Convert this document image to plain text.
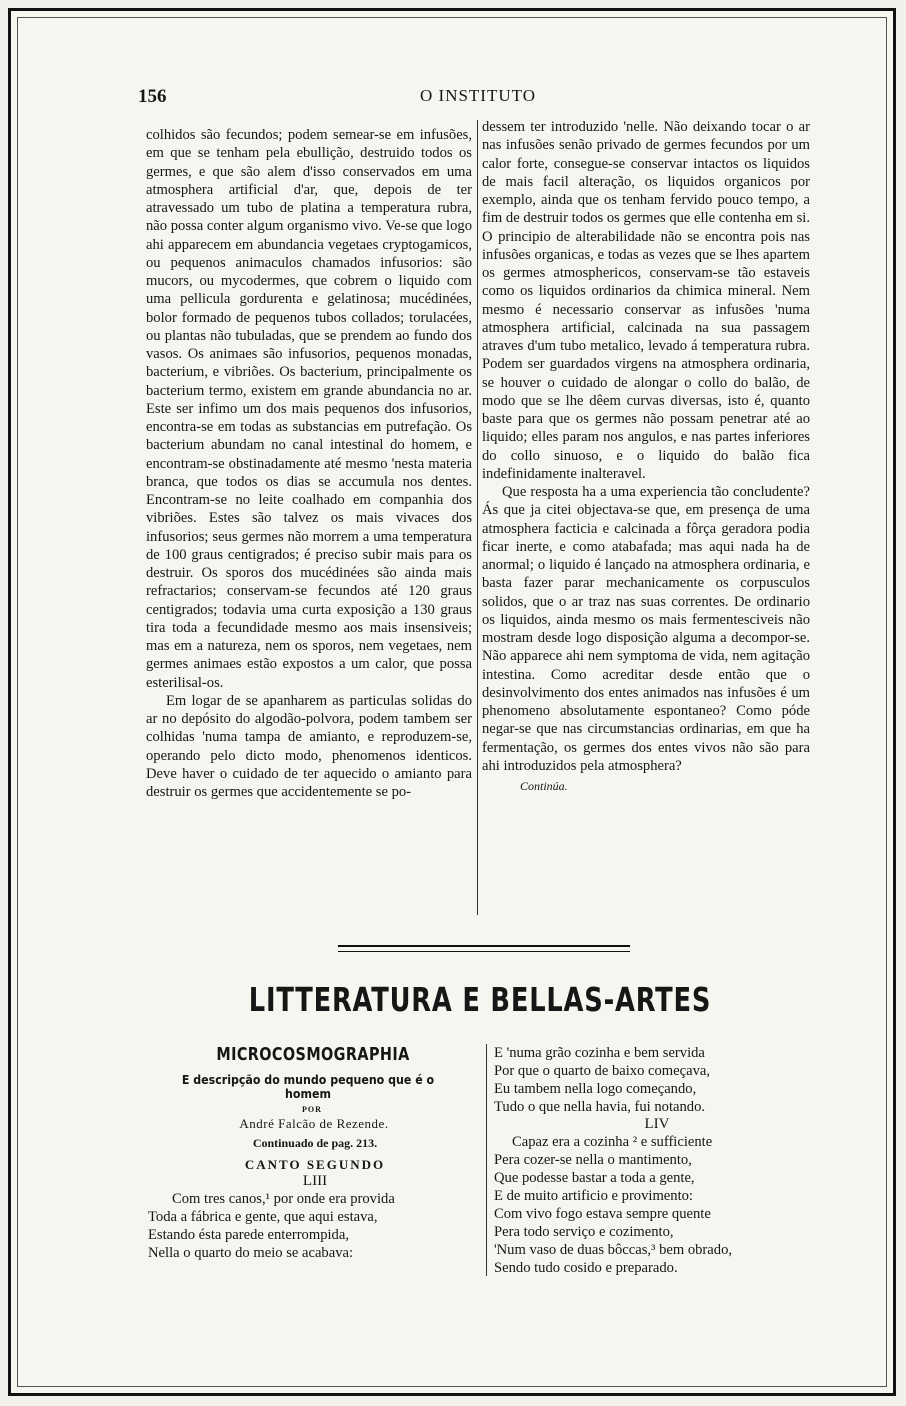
156	O INSTITUTO

colhidos são fecundos; podem semear-se em infusões, em que se tenham pela ebullição, destruido todos os germes, e que são alem d'isso conservados em uma atmosphera artificial d'ar, que, depois de ter atravessado um tubo de platina a temperatura rubra, não possa conter algum organismo vivo. Ve-se que logo ahi apparecem em abundancia vegetaes cryptogamicos, ou pequenos animaculos chamados infusorios: são mucors, ou mycodermes, que cobrem o liquido com uma pellicula gordurenta e gelatinosa; mucédinées, bolor formado de pequenos tubos collados; torulacées, ou plantas não tubuladas, que se prendem ao fundo dos vasos. Os animaes são infusorios, pequenos monadas, bacterium, e vibriões. Os bacterium, principalmente os bacterium termo, existem em grande abundancia no ar. Este ser infimo um dos mais pequenos dos infusorios, encontra-se em todas as substancias em putrefação. Os bacterium abundam no canal intestinal do homem, e encontram-se obstinadamente até mesmo 'nesta materia branca, que todos os dias se accumula nos dentes. Encontram-se no leite coalhado em companhia dos vibriões. Estes são talvez os mais vivaces dos infusorios; seus germes não morrem a uma temperatura de 100 graus centigrados; é preciso subir mais para os destruir. Os sporos dos mucédinées são ainda mais refractarios; conservam-se fecundos até 120 graus centigrados; todavia uma curta exposição a 130 graus tira toda a fecundidade mesmo aos mais insensiveis; mas em a natureza, nem os sporos, nem vegetaes, nem germes animaes estão expostos a um calor, que possa esterilisal-os.

Em logar de se apanharem as particulas solidas do ar no depósito do algodão-polvora, podem tambem ser colhidas 'numa tampa de amianto, e reproduzem-se, operando pelo dicto modo, phenomenos identicos. Deve haver o cuidado de ter aquecido o amianto para destruir os germes que accidentemente se po-

dessem ter introduzido 'nelle. Não deixando tocar o ar nas infusões senão privado de germes fecundos por um calor forte, consegue-se conservar intactos os liquidos de mais facil alteração, os liquidos organicos por exemplo, ainda que os tenham fervido pouco tempo, a fim de destruir todos os germes que elle contenha em si. O principio de alterabilidade não se encontra pois nas infusões organicas, e todas as vezes que se lhes apartem os germes atmosphericos, conservam-se tão estaveis como os liquidos ordinarios da chimica mineral. Nem mesmo é necessario conservar as infusões 'numa atmosphera artificial, calcinada na sua passagem atraves d'um tubo metalico, levado á temperatura rubra. Podem ser guardados virgens na atmosphera ordinaria, se houver o cuidado de alongar o collo do balão, de modo que se lhe dêem curvas diversas, isto é, quanto baste para que os germes não possam penetrar até ao liquido; elles param nos angulos, e nas partes inferiores do collo sinuoso, e o liquido do balão fica indefinidamente inalteravel.

Que resposta ha a uma experiencia tão concludente? Ás que ja citei objectava-se que, em presença de uma atmosphera facticia e calcinada a fôrça geradora podia ficar inerte, e como atabafada; mas aqui nada ha de anormal; o liquido é lançado na atmosphera ordinaria, e basta fazer parar mechanicamente os corpusculos solidos, que o ar traz nas suas correntes. De ordinario os liquidos, ainda mesmo os mais fermentesciveis não mostram desde logo disposição alguma a decompor-se. Não apparece ahi nem symptoma de vida, nem agitação intestina. Como acreditar desde então que o desinvolvimento dos entes animados nas infusões é um phenomeno absolutamente espontaneo? Como póde negar-se que nas circumstancias ordinarias, em que ha fermentação, os germes dos entes vivos não são para ahi introduzidos pela atmosphera?

Continúa.
LITTERATURA E BELLAS-ARTES
MICROCOSMOGRAPHIA
E descripção do mundo pequeno que é o homem
POR
André Falcão de Rezende.
Continuado de pag. 213.
CANTO SEGUNDO
LIII
Com tres canos,¹ por onde era provida
Toda a fábrica e gente, que aqui estava,
Estando ésta parede enterrompida,
Nella o quarto do meio se acabava:
E 'numa grão cozinha e bem servida
Por que o quarto de baixo começava,
Eu tambem nella logo começando,
Tudo o que nella havia, fui notando.
LIV
Capaz era a cozinha ² e sufficiente
Pera cozer-se nella o mantimento,
Que podesse bastar a toda a gente,
E de muito artificio e provimento:
Com vivo fogo estava sempre quente
Pera todo serviço e cozimento,
'Num vaso de duas bôccas,³ bem obrado,
Sendo tudo cosido e preparado.
